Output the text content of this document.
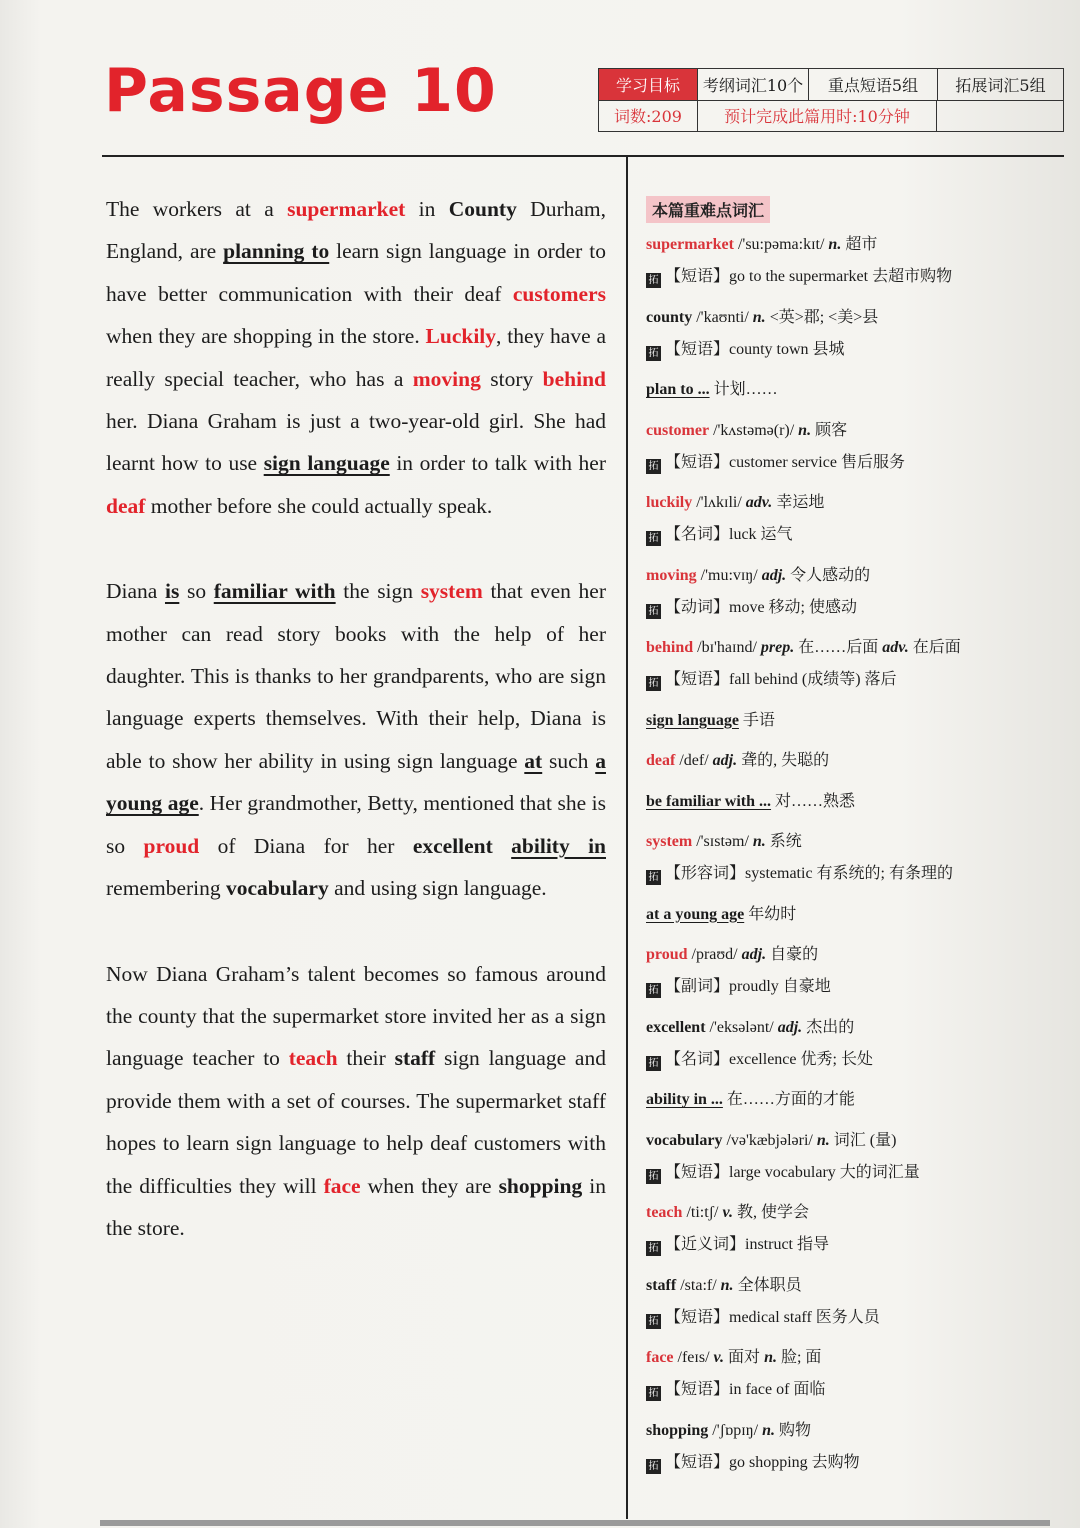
Passage 10	学习目标	考纲词汇10个	重点短语5组	拓展词汇5组
词数:209	预计完成此篇用时:10分钟

The workers at a supermarket in County Durham, England, are planning to learn sign language in order to have better communication with their deaf customers when they are shopping in the store. Luckily, they have a really special teacher, who has a moving story behind her. Diana Graham is just a two-year-old girl. She had learnt how to use sign language in order to talk with her deaf mother before she could actually speak.

Diana is so familiar with the sign system that even her mother can read story books with the help of her daughter. This is thanks to her grandparents, who are sign language experts themselves. With their help, Diana is able to show her ability in using sign language at such a young age. Her grandmother, Betty, mentioned that she is so proud of Diana for her excellent ability in remembering vocabulary and using sign language.

Now Diana Graham’s talent becomes so famous around the county that the supermarket store invited her as a sign language teacher to teach their staff sign language and provide them with a set of courses. The supermarket staff hopes to learn sign language to help deaf customers with the difficulties they will face when they are shopping in the store.

本篇重难点词汇
supermarket /'su:pəma:kɪt/ n. 超市
拓 【短语】go to the supermarket 去超市购物
county /'kaʊnti/ n. <英>郡; <美>县
拓 【短语】county town 县城
plan to ... 计划……
customer /'kʌstəmə(r)/ n. 顾客
拓 【短语】customer service 售后服务
luckily /'lʌkɪli/ adv. 幸运地
拓 【名词】luck 运气
moving /'mu:vɪŋ/ adj. 令人感动的
拓 【动词】move 移动; 使感动
behind /bɪ'haɪnd/ prep. 在……后面 adv. 在后面
拓 【短语】fall behind (成绩等) 落后
sign language 手语
deaf /def/ adj. 聋的, 失聪的
be familiar with ... 对……熟悉
system /'sɪstəm/ n. 系统
拓 【形容词】systematic 有系统的; 有条理的
at a young age 年幼时
proud /praʊd/ adj. 自豪的
拓 【副词】proudly 自豪地
excellent /'eksələnt/ adj. 杰出的
拓 【名词】excellence 优秀; 长处
ability in ... 在……方面的才能
vocabulary /və'kæbjələri/ n. 词汇 (量)
拓 【短语】large vocabulary 大的词汇量
teach /ti:tʃ/ v. 教, 使学会
拓 【近义词】instruct 指导
staff /sta:f/ n. 全体职员
拓 【短语】medical staff 医务人员
face /feɪs/ v. 面对 n. 脸; 面
拓 【短语】in face of 面临
shopping /'ʃɒpɪŋ/ n. 购物
拓 【短语】go shopping 去购物
